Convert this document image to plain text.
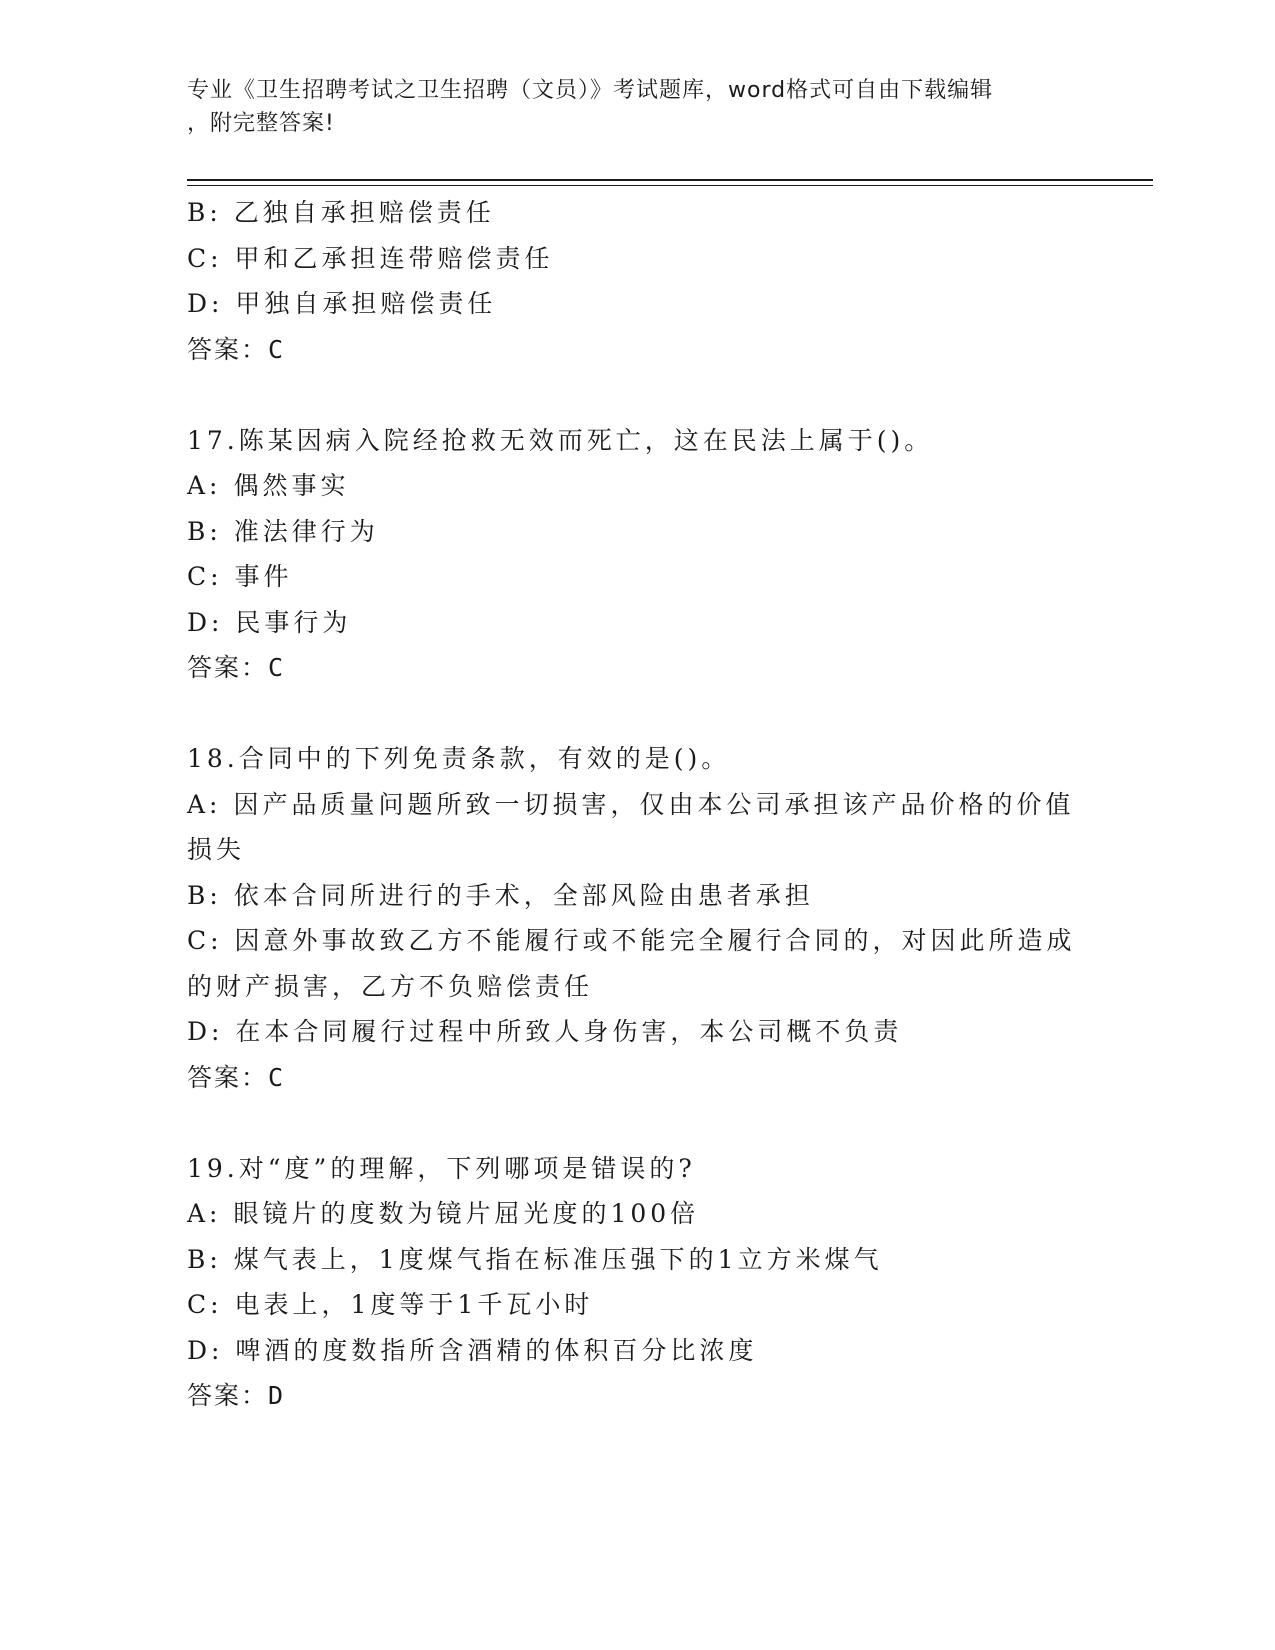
专业《卫生招聘考试之卫生招聘（文员）》考试题库，word格式可自由下载编辑
，附完整答案!
B: 乙独自承担赔偿责任
C: 甲和乙承担连带赔偿责任
D: 甲独自承担赔偿责任
答案：C
17.陈某因病入院经抢救无效而死亡，这在民法上属于()。
A: 偶然事实
B: 准法律行为
C: 事件
D: 民事行为
答案：C
18.合同中的下列免责条款，有效的是()。
A: 因产品质量问题所致一切损害，仅由本公司承担该产品价格的价值
损失
B: 依本合同所进行的手术，全部风险由患者承担
C: 因意外事故致乙方不能履行或不能完全履行合同的，对因此所造成
的财产损害，乙方不负赔偿责任
D: 在本合同履行过程中所致人身伤害，本公司概不负责
答案：C
19.对“度”的理解，下列哪项是错误的?
A: 眼镜片的度数为镜片屈光度的100倍
B: 煤气表上，1度煤气指在标准压强下的1立方米煤气
C: 电表上，1度等于1千瓦小时
D: 啤酒的度数指所含酒精的体积百分比浓度
答案：D
